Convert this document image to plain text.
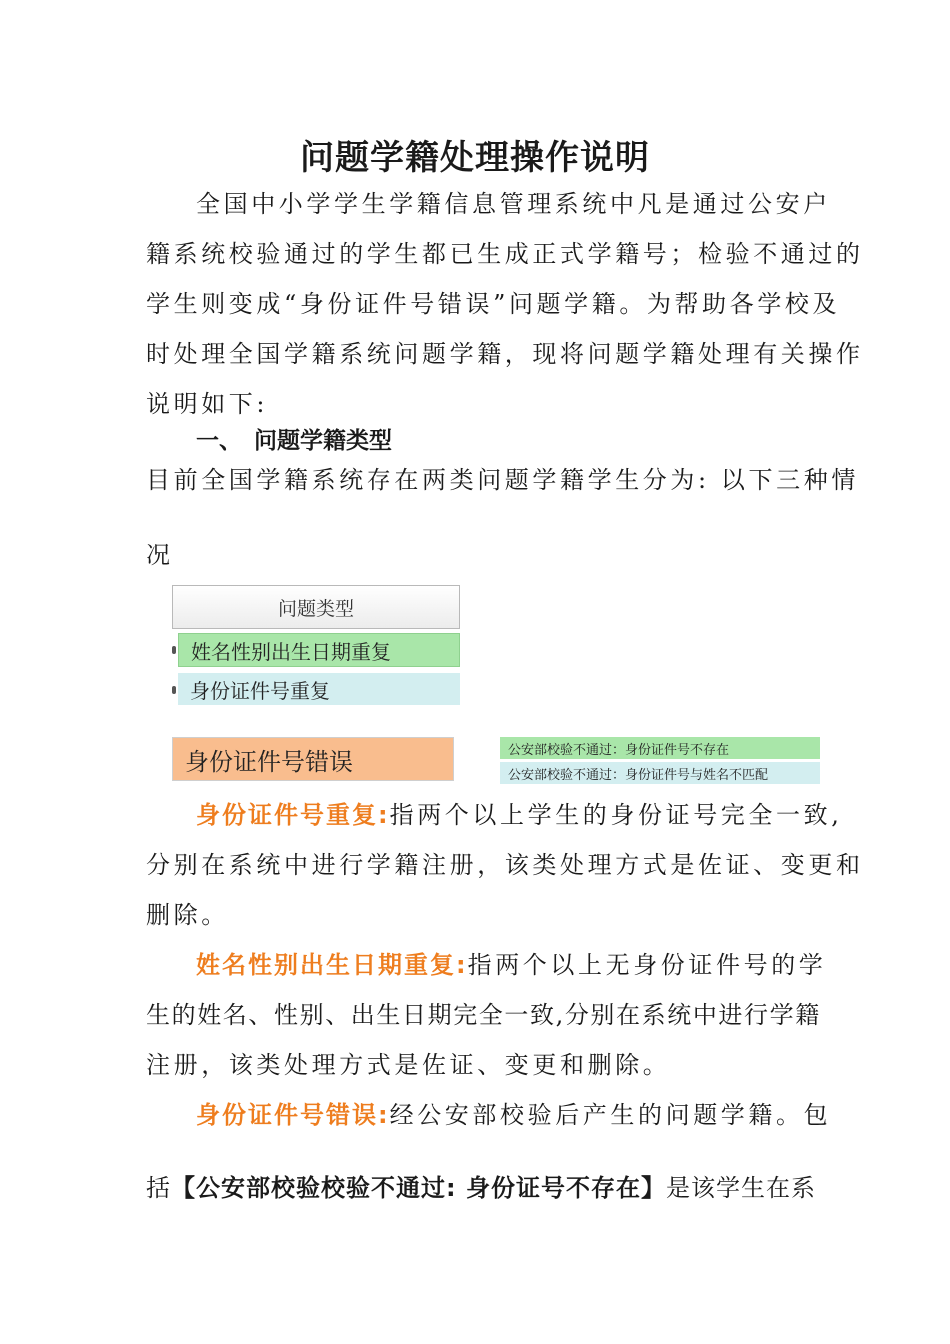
问题学籍处理操作说明
全国中小学学生学籍信息管理系统中凡是通过公安户
籍系统校验通过的学生都已生成正式学籍号；检验不通过的
学生则变成“身份证件号错误”问题学籍。为帮助各学校及
时处理全国学籍系统问题学籍，现将问题学籍处理有关操作
说明如下:
一、 问题学籍类型
目前全国学籍系统存在两类问题学籍学生分为: 以下三种情
况
问题类型
姓名性别出生日期重复
身份证件号重复
身份证件号错误	公安部校验不通过：身份证件号不存在
公安部校验不通过：身份证件号与姓名不匹配
身份证件号重复:指两个以上学生的身份证号完全一致,
分别在系统中进行学籍注册，该类处理方式是佐证、变更和
删除。
姓名性别出生日期重复:指两个以上无身份证件号的学
生的姓名、性别、出生日期完全一致,分别在系统中进行学籍
注册，该类处理方式是佐证、变更和删除。
身份证件号错误:经公安部校验后产生的问题学籍。包
括【公安部校验校验不通过: 身份证号不存在】是该学生在系
